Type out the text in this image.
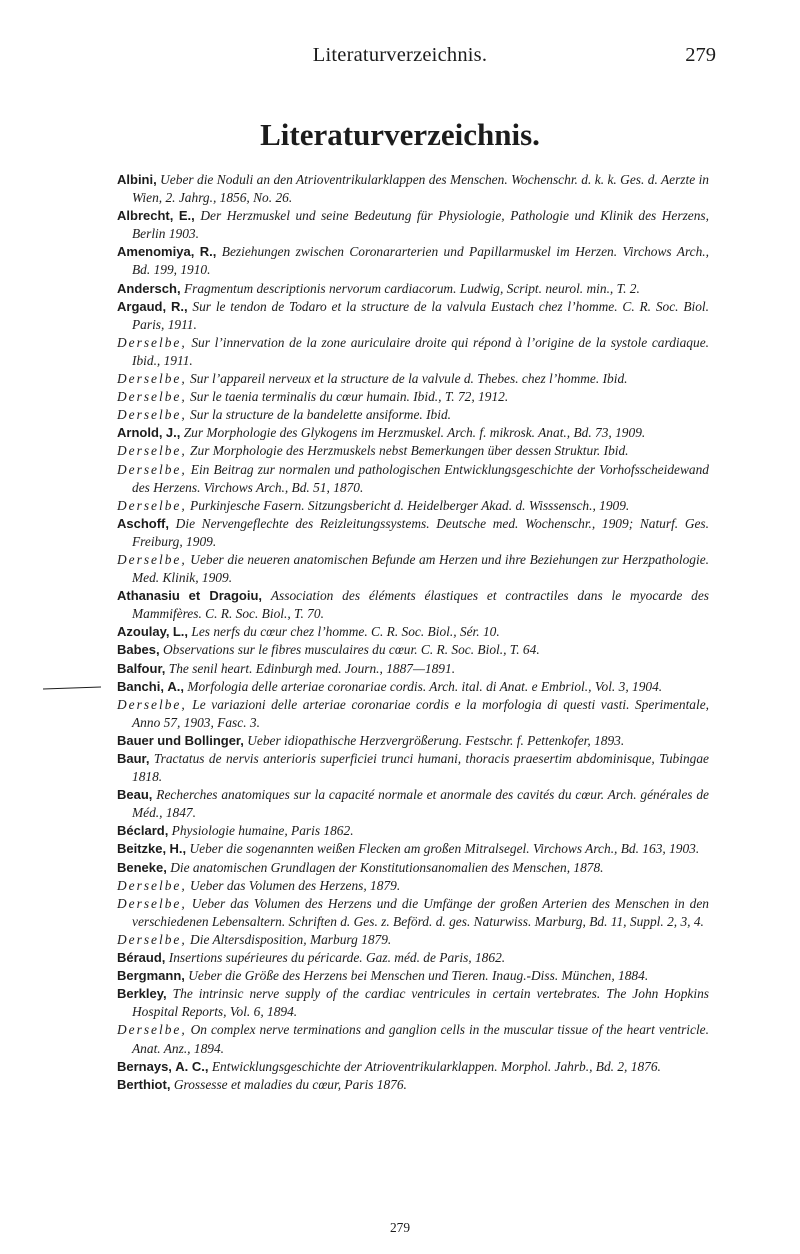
Literaturverzeichnis.	279
Literaturverzeichnis.
Albini, Ueber die Noduli an den Atrioventrikularklappen des Menschen. Wochenschr. d. k. k. Ges. d. Aerzte in Wien, 2. Jahrg., 1856, No. 26.
Albrecht, E., Der Herzmuskel und seine Bedeutung für Physiologie, Pathologie und Klinik des Herzens, Berlin 1903.
Amenomiya, R., Beziehungen zwischen Coronararterien und Papillarmuskel im Herzen. Virchows Arch., Bd. 199, 1910.
Andersch, Fragmentum descriptionis nervorum cardiacorum. Ludwig, Script. neurol. min., T. 2.
Argaud, R., Sur le tendon de Todaro et la structure de la valvula Eustach chez l’homme. C. R. Soc. Biol. Paris, 1911.
Derselbe, Sur l’innervation de la zone auriculaire droite qui répond à l’origine de la systole cardiaque. Ibid., 1911.
Derselbe, Sur l’appareil nerveux et la structure de la valvule d. Thebes. chez l’homme. Ibid.
Derselbe, Sur le taenia terminalis du cœur humain. Ibid., T. 72, 1912.
Derselbe, Sur la structure de la bandelette ansiforme. Ibid.
Arnold, J., Zur Morphologie des Glykogens im Herzmuskel. Arch. f. mikrosk. Anat., Bd. 73, 1909.
Derselbe, Zur Morphologie des Herzmuskels nebst Bemerkungen über dessen Struktur. Ibid.
Derselbe, Ein Beitrag zur normalen und pathologischen Entwicklungsgeschichte der Vorhofsscheidewand des Herzens. Virchows Arch., Bd. 51, 1870.
Derselbe, Purkinjesche Fasern. Sitzungsbericht d. Heidelberger Akad. d. Wisssensch., 1909.
Aschoff, Die Nervengeflechte des Reizleitungssystems. Deutsche med. Wochenschr., 1909; Naturf. Ges. Freiburg, 1909.
Derselbe, Ueber die neueren anatomischen Befunde am Herzen und ihre Beziehungen zur Herzpathologie. Med. Klinik, 1909.
Athanasiu et Dragoiu, Association des éléments élastiques et contractiles dans le myocarde des Mammifères. C. R. Soc. Biol., T. 70.
Azoulay, L., Les nerfs du cœur chez l’homme. C. R. Soc. Biol., Sér. 10.
Babes, Observations sur le fibres musculaires du cœur. C. R. Soc. Biol., T. 64.
Balfour, The senil heart. Edinburgh med. Journ., 1887—1891.
Banchi, A., Morfologia delle arteriae coronariae cordis. Arch. ital. di Anat. e Embriol., Vol. 3, 1904.
Derselbe, Le variazioni delle arteriae coronariae cordis e la morfologia di questi vasti. Sperimentale, Anno 57, 1903, Fasc. 3.
Bauer und Bollinger, Ueber idiopathische Herzvergrößerung. Festschr. f. Pettenkofer, 1893.
Baur, Tractatus de nervis anterioris superficiei trunci humani, thoracis praesertim abdominisque, Tubingae 1818.
Beau, Recherches anatomiques sur la capacité normale et anormale des cavités du cœur. Arch. générales de Méd., 1847.
Béclard, Physiologie humaine, Paris 1862.
Beitzke, H., Ueber die sogenannten weißen Flecken am großen Mitralsegel. Virchows Arch., Bd. 163, 1903.
Beneke, Die anatomischen Grundlagen der Konstitutionsanomalien des Menschen, 1878.
Derselbe, Ueber das Volumen des Herzens, 1879.
Derselbe, Ueber das Volumen des Herzens und die Umfänge der großen Arterien des Menschen in den verschiedenen Lebensaltern. Schriften d. Ges. z. Beförd. d. ges. Naturwiss. Marburg, Bd. 11, Suppl. 2, 3, 4.
Derselbe, Die Altersdisposition, Marburg 1879.
Béraud, Insertions supérieures du péricarde. Gaz. méd. de Paris, 1862.
Bergmann, Ueber die Größe des Herzens bei Menschen und Tieren. Inaug.-Diss. München, 1884.
Berkley, The intrinsic nerve supply of the cardiac ventricules in certain vertebrates. The John Hopkins Hospital Reports, Vol. 6, 1894.
Derselbe, On complex nerve terminations and ganglion cells in the muscular tissue of the heart ventricle. Anat. Anz., 1894.
Bernays, A. C., Entwicklungsgeschichte der Atrioventrikularklappen. Morphol. Jahrb., Bd. 2, 1876.
Berthiot, Grossesse et maladies du cœur, Paris 1876.
279
